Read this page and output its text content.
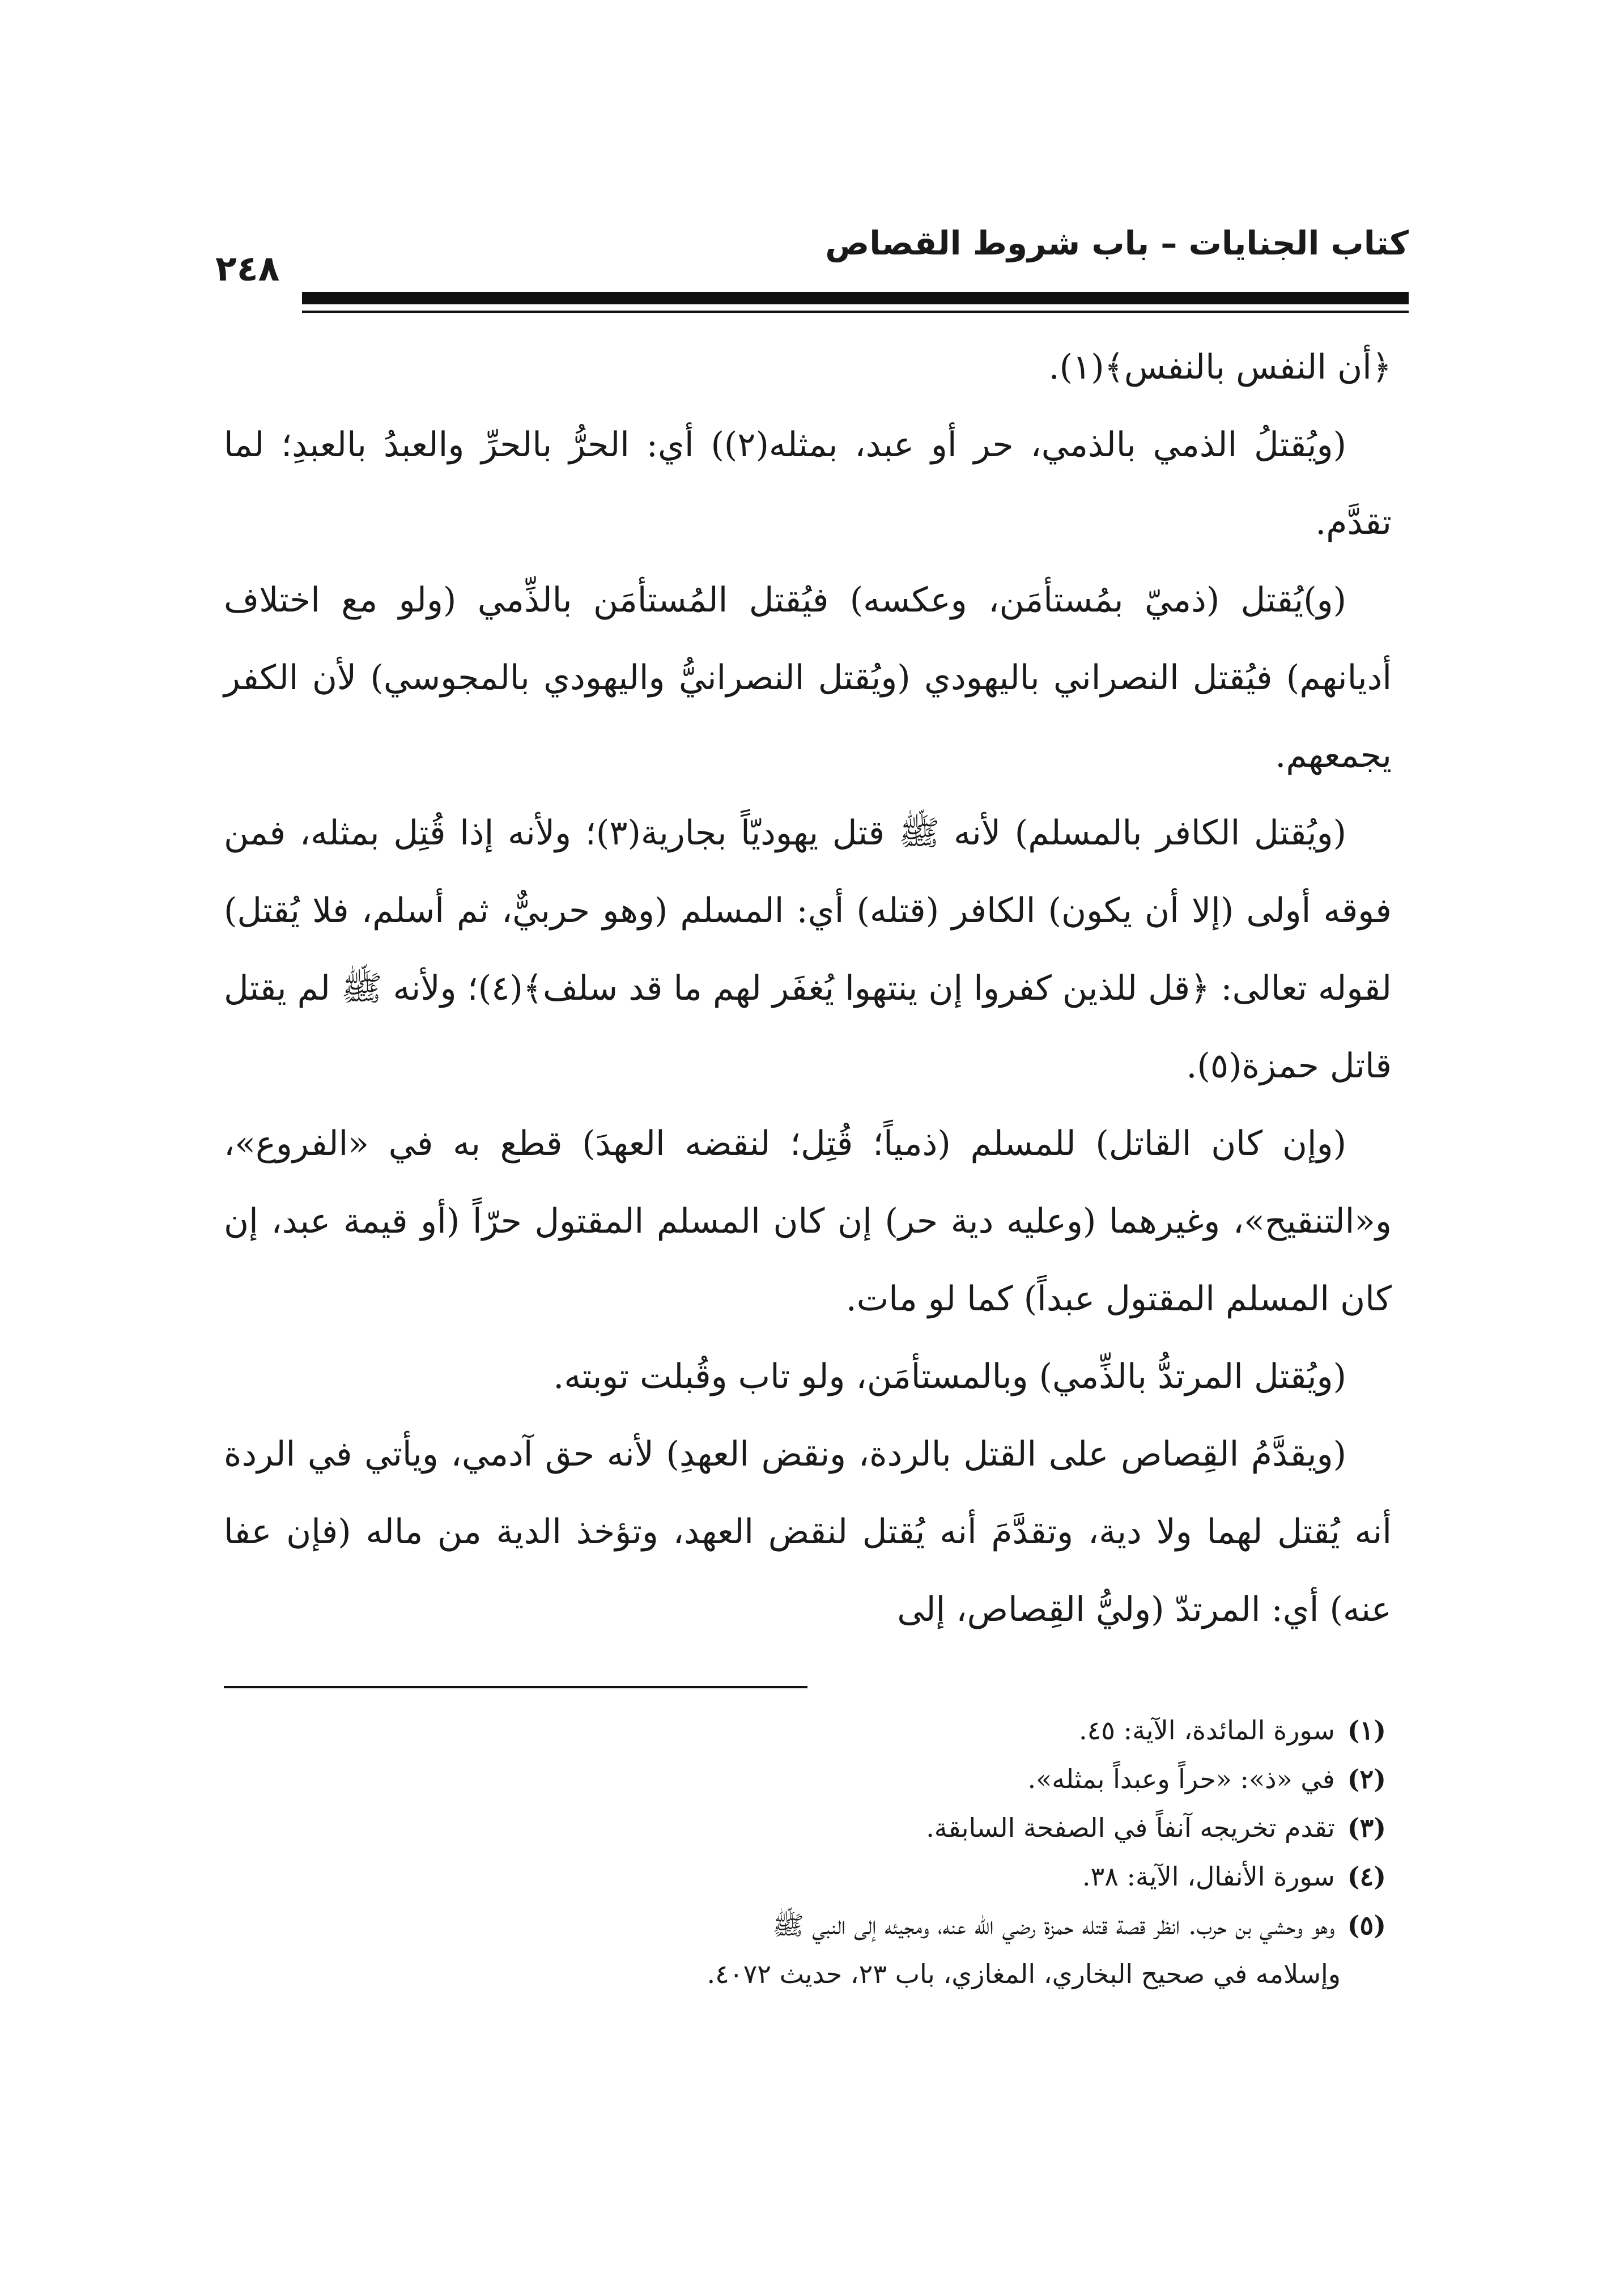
كتاب الجنايات – باب شروط القصاص
٢٤٨

﴿أن النفس بالنفس﴾(١).

(ويُقتلُ الذمي بالذمي، حر أو عبد، بمثله(٢)) أي: الحرُّ بالحرِّ والعبدُ بالعبدِ؛ لما تقدَّم.

(و)يُقتل (ذميّ بمُستأمَن، وعكسه) فيُقتل المُستأمَن بالذِّمي (ولو مع اختلاف أديانهم) فيُقتل النصراني باليهودي (ويُقتل النصرانيُّ واليهودي بالمجوسي) لأن الكفر يجمعهم.

(ويُقتل الكافر بالمسلم) لأنه ﷺ قتل يهوديّاً بجارية(٣)؛ ولأنه إذا قُتِل بمثله، فمن فوقه أولى (إلا أن يكون) الكافر (قتله) أي: المسلم (وهو حربيٌّ، ثم أسلم، فلا يُقتل) لقوله تعالى: ﴿قل للذين كفروا إن ينتهوا يُغفَر لهم ما قد سلف﴾(٤)؛ ولأنه ﷺ لم يقتل قاتل حمزة(٥).

(وإن كان القاتل) للمسلم (ذمياً؛ قُتِل؛ لنقضه العهدَ) قطع به في «الفروع»، و«التنقيح»، وغيرهما (وعليه دية حر) إن كان المسلم المقتول حرّاً (أو قيمة عبد، إن كان المسلم المقتول عبداً) كما لو مات.

(ويُقتل المرتدُّ بالذِّمي) وبالمستأمَن، ولو تاب وقُبلت توبته.

(ويقدَّمُ القِصاص على القتل بالردة، ونقض العهدِ) لأنه حق آدمي، ويأتي في الردة أنه يُقتل لهما ولا دية، وتقدَّمَ أنه يُقتل لنقض العهد، وتؤخذ الدية من ماله (فإن عفا عنه) أي: المرتدّ (وليُّ القِصاص، إلى

(١)سورة المائدة، الآية: ٤٥.

(٢)في «ذ»: «حراً وعبداً بمثله».

(٣)تقدم تخريجه آنفاً في الصفحة السابقة.

(٤)سورة الأنفال، الآية: ٣٨.

(٥)وهو وحشي بن حرب. انظر قصة قتله حمزة رضي الله عنه، ومجيئه إلى النبي ﷺ

وإسلامه في صحيح البخاري، المغازي، باب ٢٣، حديث ٤٠٧٢.
